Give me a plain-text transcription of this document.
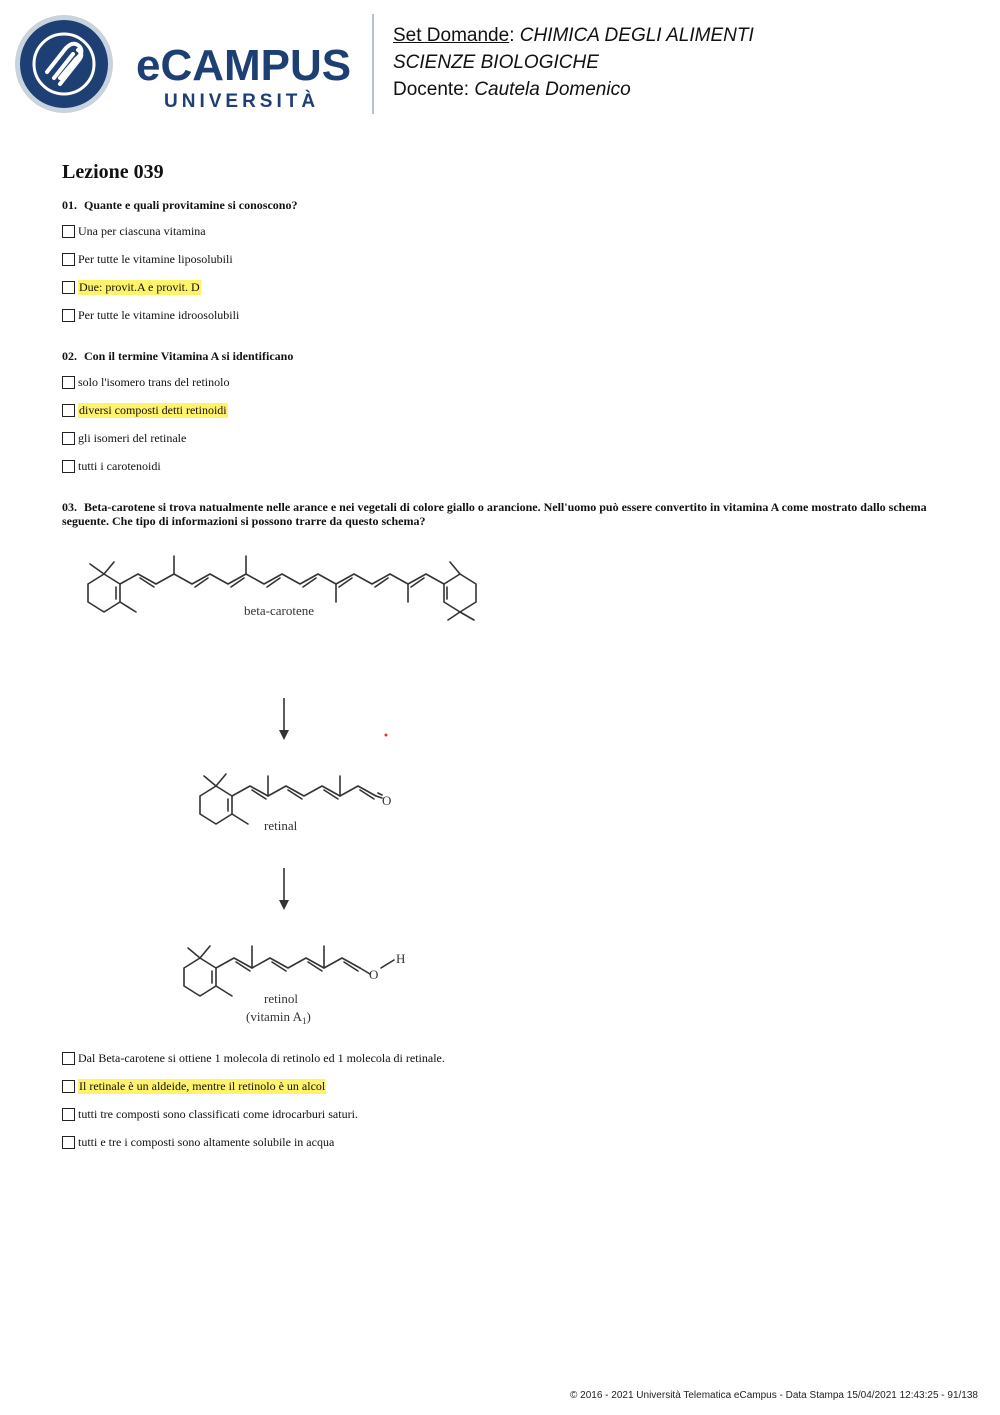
eCAMPUS
UNIVERSITÀ
Set Domande: CHIMICA DEGLI ALIMENTI
SCIENZE BIOLOGICHE
Docente: Cautela Domenico
Lezione 039
01. Quante e quali provitamine si conoscono?
Una per ciascuna vitamina
Per tutte le vitamine liposolubili
Due: provit.A e provit. D
Per tutte le vitamine idroosolubili
02. Con il termine Vitamina A si identificano
solo l'isomero trans del retinolo
diversi composti detti retinoidi
gli isomeri del retinale
tutti i carotenoidi
03. Beta-carotene si trova natualmente nelle arance e nei vegetali di colore giallo o arancione. Nell'uomo può essere convertito in vitamina A come mostrato dallo schema seguente. Che tipo di informazioni si possono trarre da questo schema?
beta-carotene
retinal
O
O
H
retinol
(vitamin $A_1$)
Dal Beta-carotene si ottiene 1 molecola di retinolo ed 1 molecola di retinale.
Il retinale è un aldeide, mentre il retinolo è un alcol
tutti tre composti sono classificati come idrocarburi saturi.
tutti e tre i composti sono altamente solubile in acqua
© 2016 - 2021 Università Telematica eCampus - Data Stampa 15/04/2021 12:43:25 - 91/138
